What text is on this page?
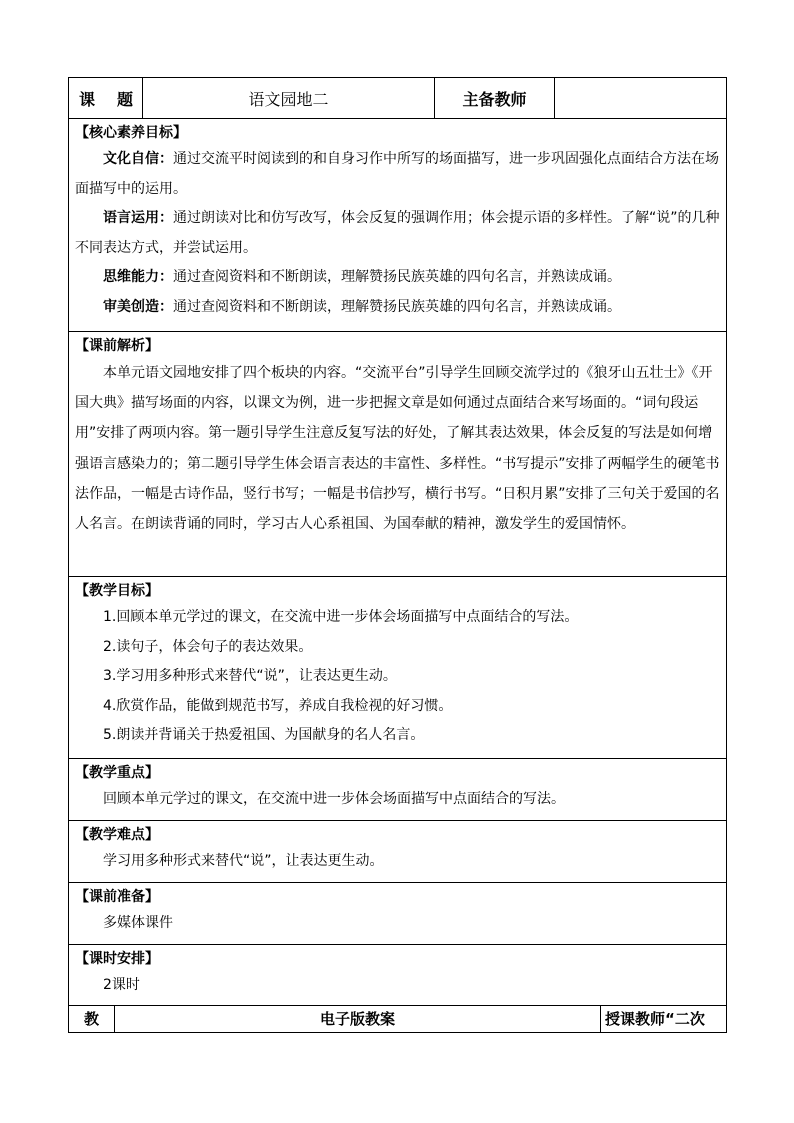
课 题	语文园地二	主备教师	

【核心素养目标】

文化自信：通过交流平时阅读到的和自身习作中所写的场面描写，进一步巩固强化点面结合方法在场面描写中的运用。

语言运用：通过朗读对比和仿写改写，体会反复的强调作用；体会提示语的多样性。了解“说”的几种不同表达方式，并尝试运用。

思维能力：通过查阅资料和不断朗读，理解赞扬民族英雄的四句名言，并熟读成诵。

审美创造：通过查阅资料和不断朗读，理解赞扬民族英雄的四句名言，并熟读成诵。

【课前解析】

本单元语文园地安排了四个板块的内容。“交流平台”引导学生回顾交流学过的《狼牙山五壮士》《开国大典》描写场面的内容，以课文为例，进一步把握文章是如何通过点面结合来写场面的。“词句段运用”安排了两项内容。第一题引导学生注意反复写法的好处，了解其表达效果，体会反复的写法是如何增强语言感染力的；第二题引导学生体会语言表达的丰富性、多样性。“书写提示”安排了两幅学生的硬笔书法作品，一幅是古诗作品，竖行书写；一幅是书信抄写，横行书写。“日积月累”安排了三句关于爱国的名人名言。在朗读背诵的同时，学习古人心系祖国、为国奉献的精神，激发学生的爱国情怀。

【教学目标】

1.回顾本单元学过的课文，在交流中进一步体会场面描写中点面结合的写法。

2.读句子，体会句子的表达效果。

3.学习用多种形式来替代“说”，让表达更生动。

4.欣赏作品，能做到规范书写，养成自我检视的好习惯。

5.朗读并背诵关于热爱祖国、为国献身的名人名言。

【教学重点】

回顾本单元学过的课文，在交流中进一步体会场面描写中点面结合的写法。

【教学难点】

学习用多种形式来替代“说”，让表达更生动。

【课前准备】

多媒体课件

【课时安排】

2课时

教	电子版教案	授课教师“二次
